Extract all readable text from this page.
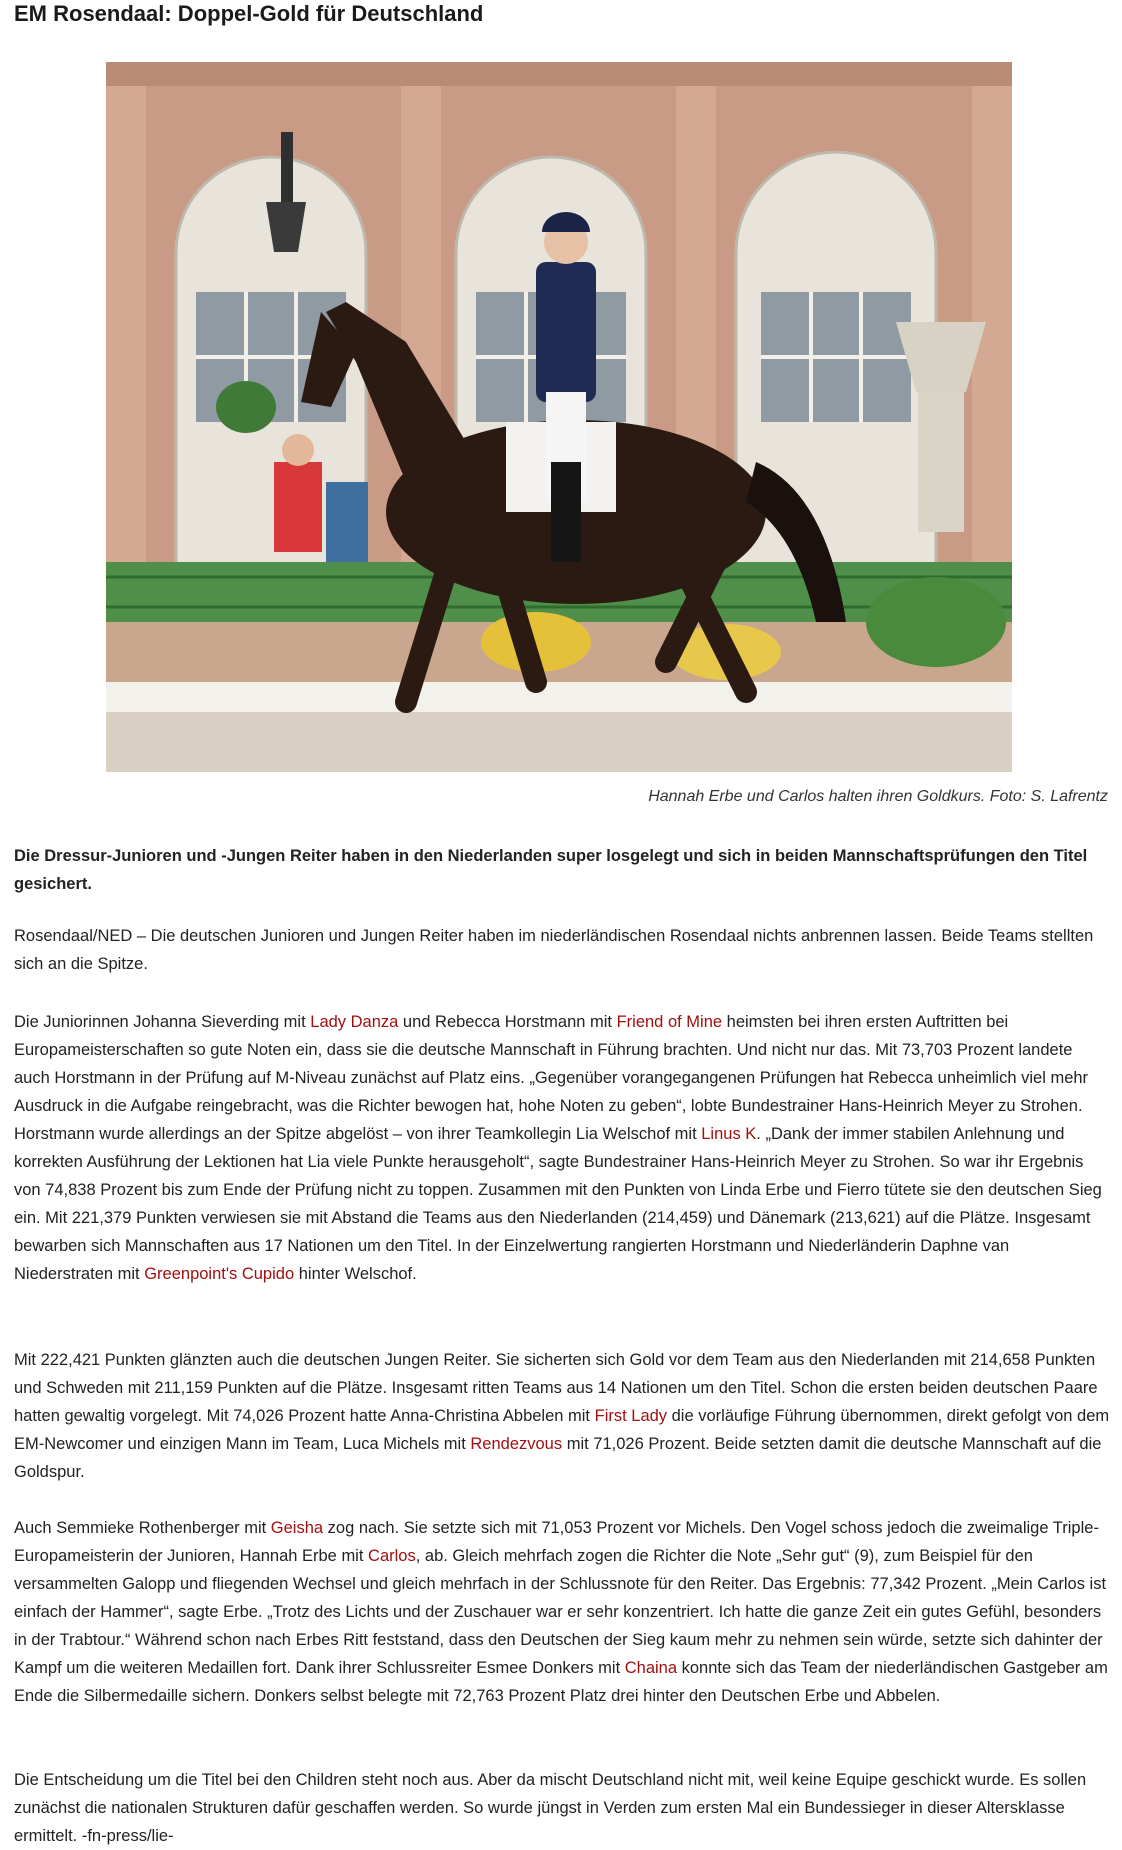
EM Rosendaal: Doppel-Gold für Deutschland
Hannah Erbe und Carlos halten ihren Goldkurs. Foto: S. Lafrentz

Die Dressur-Junioren und -Jungen Reiter haben in den Niederlanden super losgelegt und sich in beiden Mannschaftsprüfungen den Titel gesichert.

Rosendaal/NED – Die deutschen Junioren und Jungen Reiter haben im niederländischen Rosendaal nichts anbrennen lassen. Beide Teams stellten sich an die Spitze.

Die Juniorinnen Johanna Sieverding mit Lady Danza und Rebecca Horstmann mit Friend of Mine heimsten bei ihren ersten Auftritten bei Europameisterschaften so gute Noten ein, dass sie die deutsche Mannschaft in Führung brachten. Und nicht nur das. Mit 73,703 Prozent landete auch Horstmann in der Prüfung auf M-Niveau zunächst auf Platz eins. „Gegenüber vorangegangenen Prüfungen hat Rebecca unheimlich viel mehr Ausdruck in die Aufgabe reingebracht, was die Richter bewogen hat, hohe Noten zu geben“, lobte Bundestrainer Hans-Heinrich Meyer zu Strohen. Horstmann wurde allerdings an der Spitze abgelöst – von ihrer Teamkollegin Lia Welschof mit Linus K. „Dank der immer stabilen Anlehnung und korrekten Ausführung der Lektionen hat Lia viele Punkte herausgeholt“, sagte Bundestrainer Hans-Heinrich Meyer zu Strohen. So war ihr Ergebnis von 74,838 Prozent bis zum Ende der Prüfung nicht zu toppen. Zusammen mit den Punkten von Linda Erbe und Fierro tütete sie den deutschen Sieg ein. Mit 221,379 Punkten verwiesen sie mit Abstand die Teams aus den Niederlanden (214,459) und Dänemark (213,621) auf die Plätze. Insgesamt bewarben sich Mannschaften aus 17 Nationen um den Titel. In der Einzelwertung rangierten Horstmann und Niederländerin Daphne van Niederstraten mit Greenpoint's Cupido hinter Welschof.

Mit 222,421 Punkten glänzten auch die deutschen Jungen Reiter. Sie sicherten sich Gold vor dem Team aus den Niederlanden mit 214,658 Punkten und Schweden mit 211,159 Punkten auf die Plätze. Insgesamt ritten Teams aus 14 Nationen um den Titel. Schon die ersten beiden deutschen Paare hatten gewaltig vorgelegt. Mit 74,026 Prozent hatte Anna-Christina Abbelen mit First Lady die vorläufige Führung übernommen, direkt gefolgt von dem EM-Newcomer und einzigen Mann im Team, Luca Michels mit Rendezvous mit 71,026 Prozent. Beide setzten damit die deutsche Mannschaft auf die Goldspur.

Auch Semmieke Rothenberger mit Geisha zog nach. Sie setzte sich mit 71,053 Prozent vor Michels. Den Vogel schoss jedoch die zweimalige Triple-Europameisterin der Junioren, Hannah Erbe mit Carlos, ab. Gleich mehrfach zogen die Richter die Note „Sehr gut“ (9), zum Beispiel für den versammelten Galopp und fliegenden Wechsel und gleich mehrfach in der Schlussnote für den Reiter. Das Ergebnis: 77,342 Prozent. „Mein Carlos ist einfach der Hammer“, sagte Erbe. „Trotz des Lichts und der Zuschauer war er sehr konzentriert. Ich hatte die ganze Zeit ein gutes Gefühl, besonders in der Trabtour.“ Während schon nach Erbes Ritt feststand, dass den Deutschen der Sieg kaum mehr zu nehmen sein würde, setzte sich dahinter der Kampf um die weiteren Medaillen fort. Dank ihrer Schlussreiter Esmee Donkers mit Chaina konnte sich das Team der niederländischen Gastgeber am Ende die Silbermedaille sichern. Donkers selbst belegte mit 72,763 Prozent Platz drei hinter den Deutschen Erbe und Abbelen.

Die Entscheidung um die Titel bei den Children steht noch aus. Aber da mischt Deutschland nicht mit, weil keine Equipe geschickt wurde. Es sollen zunächst die nationalen Strukturen dafür geschaffen werden. So wurde jüngst in Verden zum ersten Mal ein Bundessieger in dieser Altersklasse ermittelt. -fn-press/lie-
